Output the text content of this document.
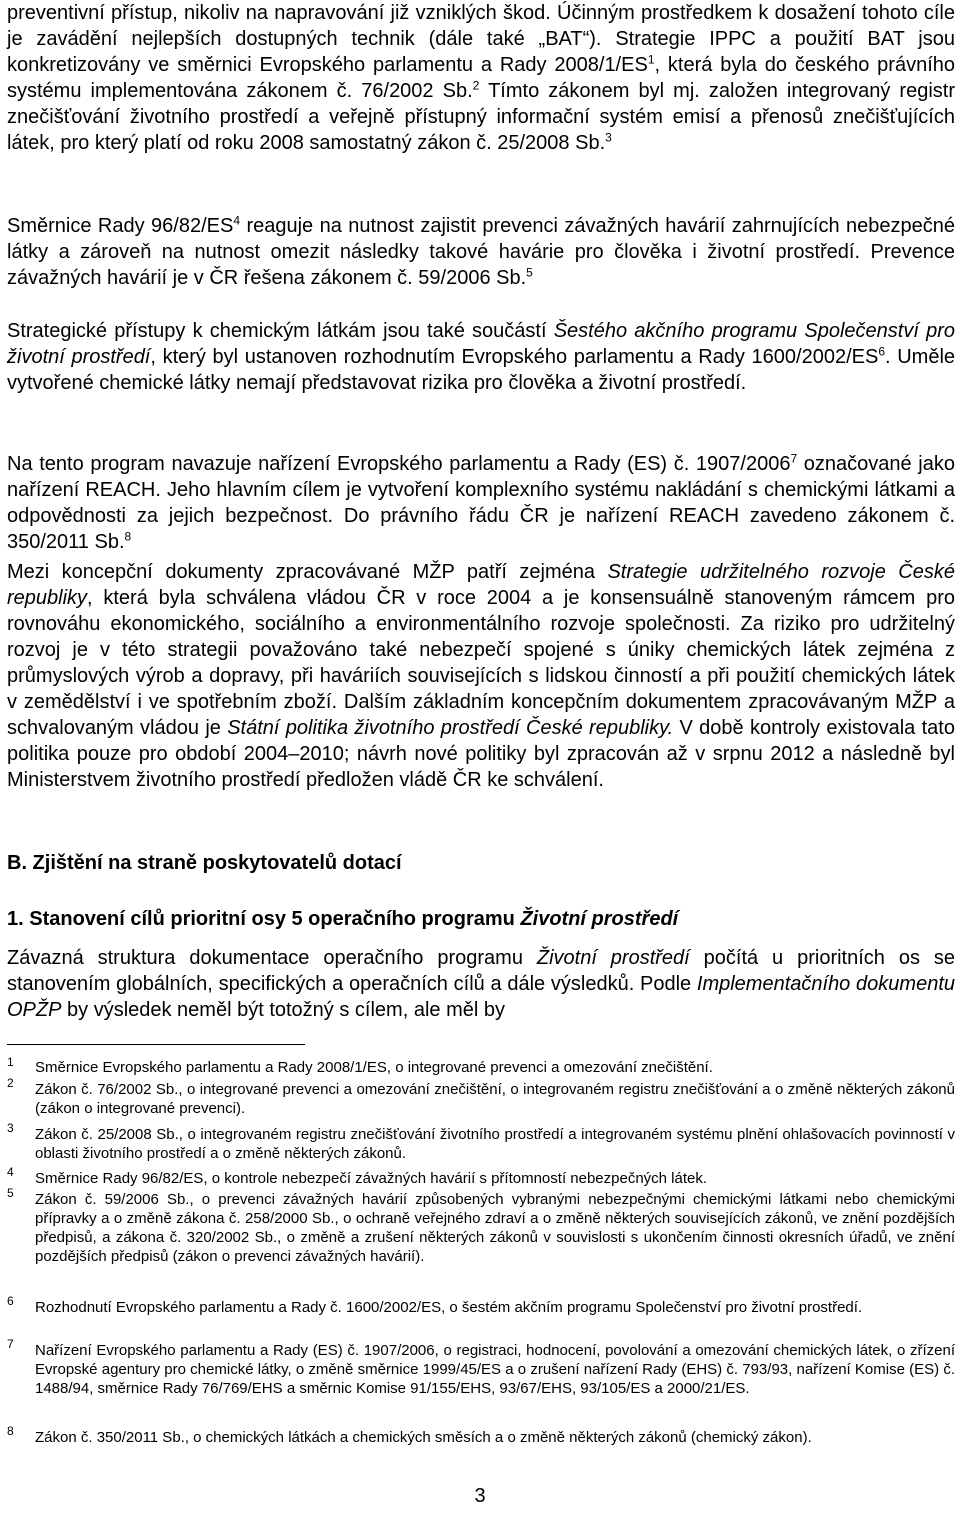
preventivní přístup, nikoliv na napravování již vzniklých škod. Účinným prostředkem k dosažení tohoto cíle je zavádění nejlepších dostupných technik (dále také „BAT“). Strategie IPPC a použití BAT jsou konkretizovány ve směrnici Evropského parlamentu a Rady $2008/1/ES^1$, která byla do českého právního systému implementována zákonem č. 76/2002 Sb.$^2$ Tímto zákonem byl mj. založen integrovaný registr znečišťování životního prostředí a veřejně přístupný informační systém emisí a přenosů znečišťujících látek, pro který platí od roku 2008 samostatný zákon č. 25/2008 Sb.$^3$

Směrnice Rady $96/82/ES^4$ reaguje na nutnost zajistit prevenci závažných havárií zahrnujících nebezpečné látky a zároveň na nutnost omezit následky takové havárie pro člověka i životní prostředí. Prevence závažných havárií je v ČR řešena zákonem č. 59/2006 Sb.$^5$

Strategické přístupy k chemickým látkám jsou také součástí Šestého akčního programu Společenství pro životní prostředí, který byl ustanoven rozhodnutím Evropského parlamentu a Rady $1600/2002/ES^6$. Uměle vytvořené chemické látky nemají představovat rizika pro člověka a životní prostředí.

Na tento program navazuje nařízení Evropského parlamentu a Rady (ES) č. 1907/2006$^7$ označované jako nařízení REACH. Jeho hlavním cílem je vytvoření komplexního systému nakládání s chemickými látkami a odpovědnosti za jejich bezpečnost. Do právního řádu ČR je nařízení REACH zavedeno zákonem č. 350/2011 Sb.$^8$

Mezi koncepční dokumenty zpracovávané MŽP patří zejména Strategie udržitelného rozvoje České republiky, která byla schválena vládou ČR v roce 2004 a je konsensuálně stanoveným rámcem pro rovnováhu ekonomického, sociálního a environmentálního rozvoje společnosti. Za riziko pro udržitelný rozvoj je v této strategii považováno také nebezpečí spojené s úniky chemických látek zejména z průmyslových výrob a dopravy, při haváriích souvisejících s lidskou činností a při použití chemických látek v zemědělství i ve spotřebním zboží. Dalším základním koncepčním dokumentem zpracovávaným MŽP a schvalovaným vládou je Státní politika životního prostředí České republiky. V době kontroly existovala tato politika pouze pro období 2004–2010; návrh nové politiky byl zpracován až v srpnu 2012 a následně byl Ministerstvem životního prostředí předložen vládě ČR ke schválení.

B. Zjištění na straně poskytovatelů dotací
1. Stanovení cílů prioritní osy 5 operačního programu Životní prostředí

Závazná struktura dokumentace operačního programu Životní prostředí počítá u prioritních os se stanovením globálních, specifických a operačních cílů a dále výsledků. Podle Implementačního dokumentu OPŽP by výsledek neměl být totožný s cílem, ale měl by

1 Směrnice Evropského parlamentu a Rady 2008/1/ES, o integrované prevenci a omezování znečištění.

2 Zákon č. 76/2002 Sb., o integrované prevenci a omezování znečištění, o integrovaném registru znečišťování a o změně některých zákonů (zákon o integrované prevenci).

3 Zákon č. 25/2008 Sb., o integrovaném registru znečišťování životního prostředí a integrovaném systému plnění ohlašovacích povinností v oblasti životního prostředí a o změně některých zákonů.

4 Směrnice Rady 96/82/ES, o kontrole nebezpečí závažných havárií s přítomností nebezpečných látek.

5 Zákon č. 59/2006 Sb., o prevenci závažných havárií způsobených vybranými nebezpečnými chemickými látkami nebo chemickými přípravky a o změně zákona č. 258/2000 Sb., o ochraně veřejného zdraví a o změně některých souvisejících zákonů, ve znění pozdějších předpisů, a zákona č. 320/2002 Sb., o změně a zrušení některých zákonů v souvislosti s ukončením činnosti okresních úřadů, ve znění pozdějších předpisů (zákon o prevenci závažných havárií).

6 Rozhodnutí Evropského parlamentu a Rady č. 1600/2002/ES, o šestém akčním programu Společenství pro životní prostředí.

7 Nařízení Evropského parlamentu a Rady (ES) č. 1907/2006, o registraci, hodnocení, povolování a omezování chemických látek, o zřízení Evropské agentury pro chemické látky, o změně směrnice 1999/45/ES a o zrušení nařízení Rady (EHS) č. 793/93, nařízení Komise (ES) č. 1488/94, směrnice Rady 76/769/EHS a směrnic Komise 91/155/EHS, 93/67/EHS, 93/105/ES a 2000/21/ES.

8 Zákon č. 350/2011 Sb., o chemických látkách a chemických směsích a o změně některých zákonů (chemický zákon).

3
